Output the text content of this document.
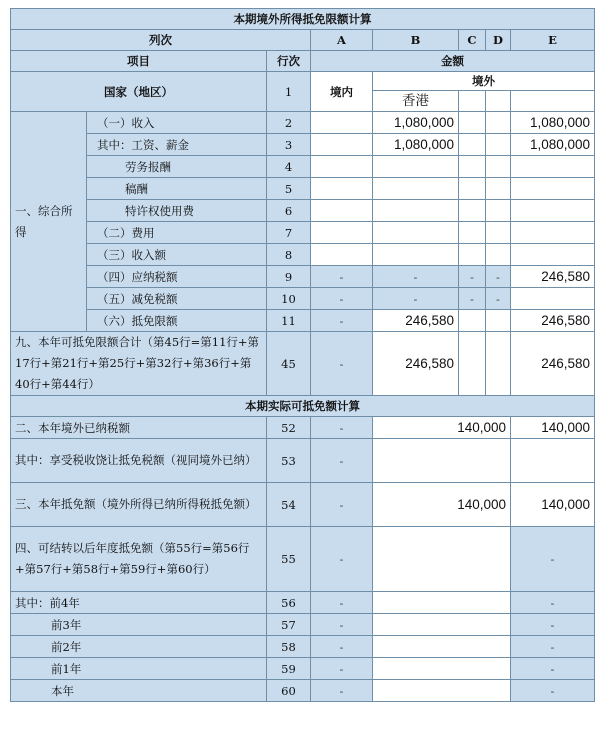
本期境外所得抵免限额计算								
列次			A	B	C	D	E	
项目		行次	金额					
国家（地区）		1	境内	境外	
				香港				
一、综合所得	（一）收入	2		1,080,000			1,080,000	
	其中：工资、薪金	3		1,080,000			1,080,000	
	劳务报酬	4						
	稿酬	5						
	特许权使用费	6						
	（二）费用	7						
	（三）收入额	8						
	（四）应纳税额	9	-	-	-	-	246,580	
	（五）减免税额	10	-	-	-	-		
	（六）抵免限额	11	-	246,580			246,580	
九、本年可抵免限额合计（第45行=第11行+第17行+第21行+第25行+第32行+第36行+第40行+第44行）		45	-	246,580			246,580	
本期实际可抵免额计算								
二、本年境外已纳税额		52	-	140,000			140,000	
其中：享受税收饶让抵免税额（视同境外已纳）		53	-					
三、本年抵免额（境外所得已纳所得税抵免额）		54	-	140,000			140,000	
四、可结转以后年度抵免额（第55行=第56行+第57行+第58行+第59行+第60行）		55	-				-	
其中：前4年		56	-				-	
前3年		57	-				-	
前2年		58	-				-	
前1年		59	-				-	
本年		60	-				-	
